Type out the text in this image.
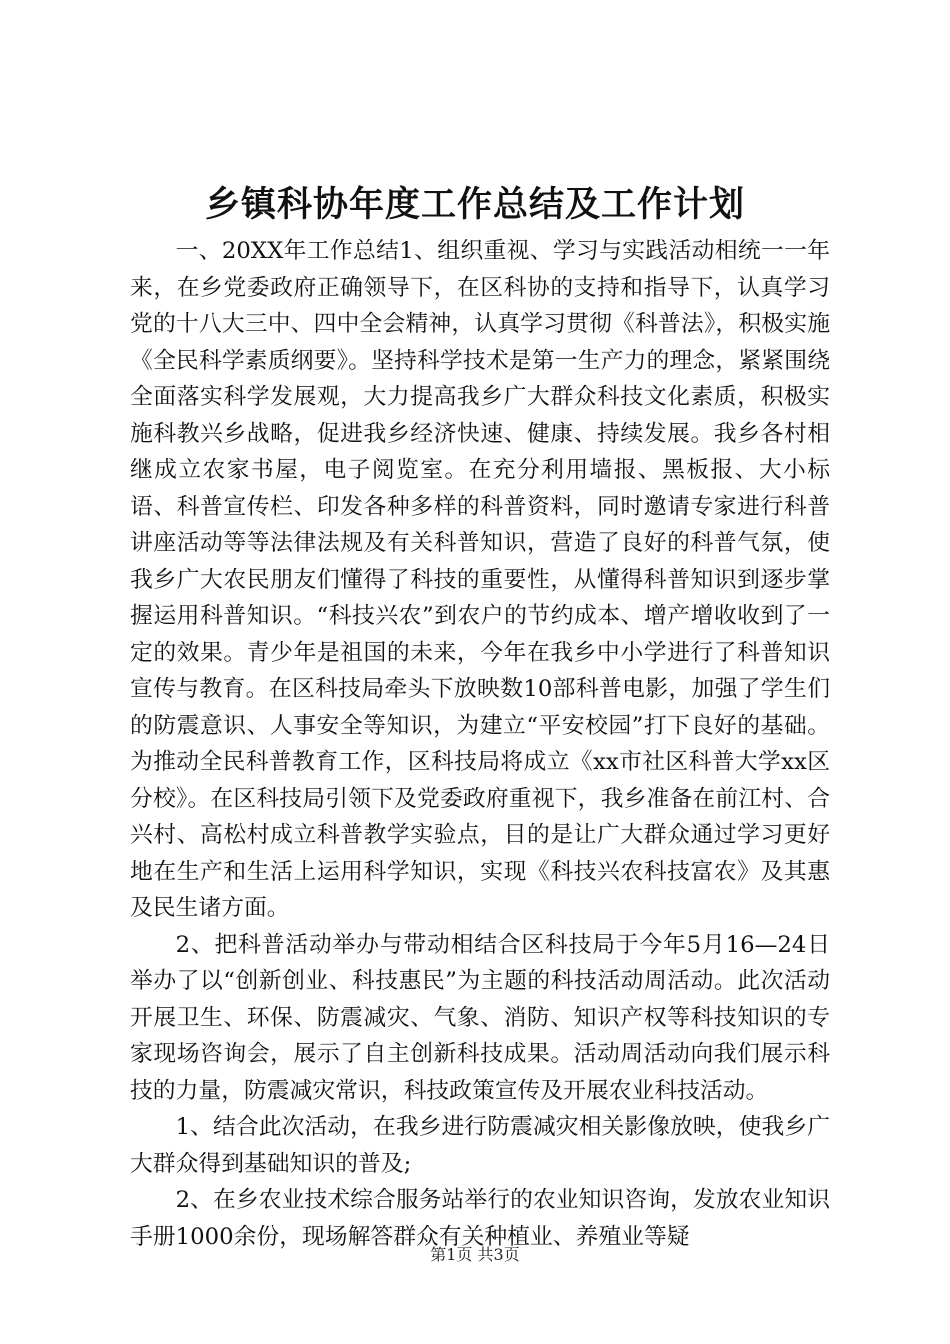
乡镇科协年度工作总结及工作计划

一、20XX年工作总结1、组织重视、学习与实践活动相统一一年来，在乡党委政府正确领导下，在区科协的支持和指导下，认真学习党的十八大三中、四中全会精神，认真学习贯彻《科普法》，积极实施《全民科学素质纲要》。坚持科学技术是第一生产力的理念，紧紧围绕全面落实科学发展观，大力提高我乡广大群众科技文化素质，积极实施科教兴乡战略，促进我乡经济快速、健康、持续发展。我乡各村相继成立农家书屋，电子阅览室。在充分利用墙报、黑板报、大小标语、科普宣传栏、印发各种多样的科普资料，同时邀请专家进行科普讲座活动等等法律法规及有关科普知识，营造了良好的科普气氛，使我乡广大农民朋友们懂得了科技的重要性，从懂得科普知识到逐步掌握运用科普知识。“科技兴农”到农户的节约成本、增产增收收到了一定的效果。青少年是祖国的未来，今年在我乡中小学进行了科普知识宣传与教育。在区科技局牵头下放映数10部科普电影，加强了学生们的防震意识、人事安全等知识，为建立“平安校园”打下良好的基础。为推动全民科普教育工作，区科技局将成立《xx市社区科普大学xx区分校》。在区科技局引领下及党委政府重视下，我乡准备在前江村、合兴村、高松村成立科普教学实验点，目的是让广大群众通过学习更好地在生产和生活上运用科学知识，实现《科技兴农科技富农》及其惠及民生诸方面。

2、把科普活动举办与带动相结合区科技局于今年5月16—24日举办了以“创新创业、科技惠民”为主题的科技活动周活动。此次活动开展卫生、环保、防震减灾、气象、消防、知识产权等科技知识的专家现场咨询会，展示了自主创新科技成果。活动周活动向我们展示科技的力量，防震减灾常识，科技政策宣传及开展农业科技活动。

1、结合此次活动，在我乡进行防震减灾相关影像放映，使我乡广大群众得到基础知识的普及;

2、在乡农业技术综合服务站举行的农业知识咨询，发放农业知识手册1000余份，现场解答群众有关种植业、养殖业等疑

第1页 共3页
